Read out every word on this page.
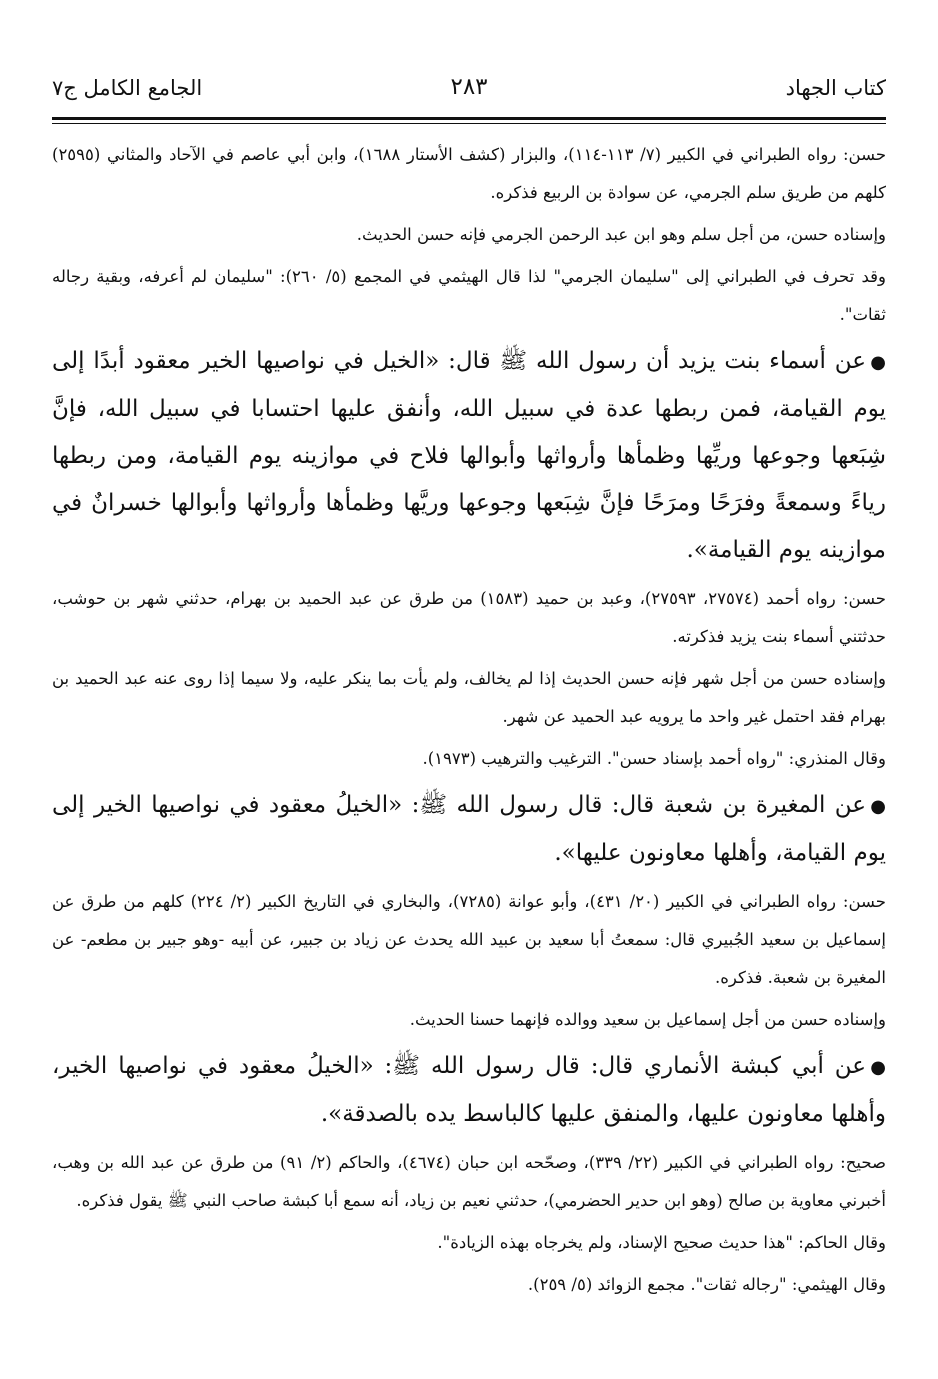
كتاب الجهاد
٢٨٣
الجامع الكامل ج٧

حسن: رواه الطبراني في الكبير (٧/ ١١٣-١١٤)، والبزار (كشف الأستار ١٦٨٨)، وابن أبي عاصم في الآحاد والمثاني (٢٥٩٥) كلهم من طريق سلم الجرمي، عن سوادة بن الربيع فذكره.

وإسناده حسن، من أجل سلم وهو ابن عبد الرحمن الجرمي فإنه حسن الحديث.

وقد تحرف في الطبراني إلى "سليمان الجرمي" لذا قال الهيثمي في المجمع (٥/ ٢٦٠): "سليمان لم أعرفه، وبقية رجاله ثقات".

●عن أسماء بنت يزيد أن رسول الله ﷺ قال: «الخيل في نواصيها الخير معقود أبدًا إلى يوم القيامة، فمن ربطها عدة في سبيل الله، وأنفق عليها احتسابا في سبيل الله، فإنَّ شِبَعها وجوعها وريِّها وظمأها وأرواثها وأبوالها فلاح في موازينه يوم القيامة، ومن ربطها رياءً وسمعةً وفرَحًا ومرَحًا فإنَّ شِبَعها وجوعها وريَّها وظمأها وأرواثها وأبوالها خسرانٌ في موازينه يوم القيامة».

حسن: رواه أحمد (٢٧٥٧٤، ٢٧٥٩٣)، وعبد بن حميد (١٥٨٣) من طرق عن عبد الحميد بن بهرام، حدثني شهر بن حوشب، حدثتني أسماء بنت يزيد فذكرته.

وإسناده حسن من أجل شهر فإنه حسن الحديث إذا لم يخالف، ولم يأت بما ينكر عليه، ولا سيما إذا روى عنه عبد الحميد بن بهرام فقد احتمل غير واحد ما يرويه عبد الحميد عن شهر.

وقال المنذري: "رواه أحمد بإسناد حسن". الترغيب والترهيب (١٩٧٣).

●عن المغيرة بن شعبة قال: قال رسول الله ﷺ: «الخيلُ معقود في نواصيها الخير إلى يوم القيامة، وأهلها معاونون عليها».

حسن: رواه الطبراني في الكبير (٢٠/ ٤٣١)، وأبو عوانة (٧٢٨٥)، والبخاري في التاريخ الكبير (٢/ ٢٢٤) كلهم من طرق عن إسماعيل بن سعيد الجُبيري قال: سمعتُ أبا سعيد بن عبيد الله يحدث عن زياد بن جبير، عن أبيه -وهو جبير بن مطعم- عن المغيرة بن شعبة. فذكره.

وإسناده حسن من أجل إسماعيل بن سعيد ووالده فإنهما حسنا الحديث.

●عن أبي كبشة الأنماري قال: قال رسول الله ﷺ: «الخيلُ معقود في نواصيها الخير، وأهلها معاونون عليها، والمنفق عليها كالباسط يده بالصدقة».

صحيح: رواه الطبراني في الكبير (٢٢/ ٣٣٩)، وصحّحه ابن حبان (٤٦٧٤)، والحاكم (٢/ ٩١) من طرق عن عبد الله بن وهب، أخبرني معاوية بن صالح (وهو ابن حدير الحضرمي)، حدثني نعيم بن زياد، أنه سمع أبا كبشة صاحب النبي ﷺ يقول فذكره.

وقال الحاكم: "هذا حديث صحيح الإسناد، ولم يخرجاه بهذه الزيادة".

وقال الهيثمي: "رجاله ثقات". مجمع الزوائد (٥/ ٢٥٩).
